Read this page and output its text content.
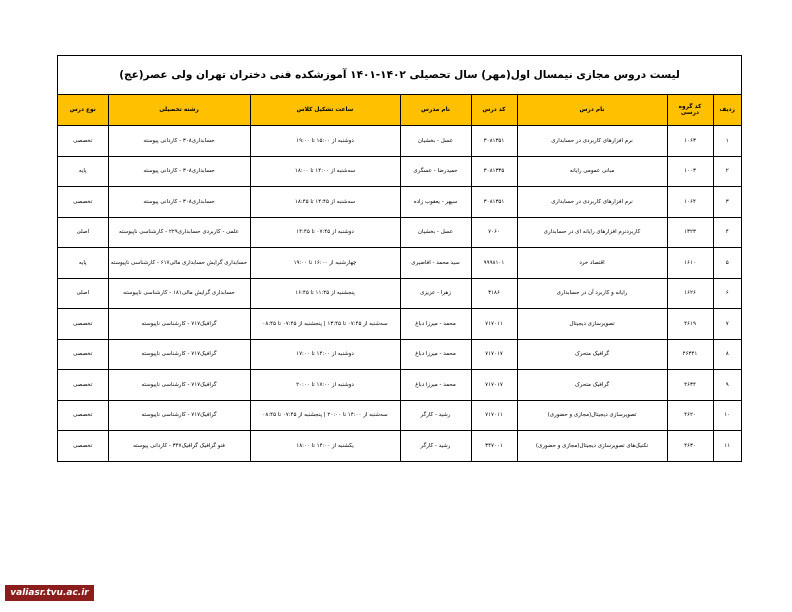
لیست دروس مجازی نیمسال اول(مهر) سال تحصیلی ۱۴۰۲-۱۴۰۱ آموزشکده فنی دختران تهران ولی عصر(عج)
ردیف	کد گروه درسی	نام درس	کد درس	نام مدرس	ساعت تشکیل کلاس	رشته تحصیلی	نوع درس
۱	۱۰۶۳	نرم افزارهای کاربردی در حسابداری	۳۰۸۱۳۵۱	عسل - بخشیان	دوشنبه از ۱۵:۰۰ تا ۱۹:۰۰	حسابداری۳۰۸ - کاردانی پیوسته	تخصصی
۲	۱۰۰۳	مبانی عمومی رایانه	۳۰۸۱۳۳۵	حمیدرضا - عسگری	سه‌شنبه از ۱۴:۰۰ تا ۱۸:۰۰	حسابداری۳۰۸ - کاردانی پیوسته	پایه
۳	۱۰۶۴	نرم افزارهای کاربردی در حسابداری	۳۰۸۱۳۵۱	سپهر - یعقوب زاده	سه‌شنبه از ۱۴:۴۵ تا ۱۸:۴۵	حسابداری۳۰۸ - کاردانی پیوسته	تخصصی
۴	۱۳۲۳	کاربردنرم افزارهای رایانه ای در حسابداری	۷۰۶۰	عسل - بخشیان	دوشنبه از ۰۷:۴۵ تا ۱۴:۴۵	علمی - کاربردی حسابداری۲۲۹ - کارشناسی ناپیوسته	اصلی
۵	۱۶۱۰	اقتصاد خرد	۹۹۹۸۱۰۱	سید محمد - افاضیری	چهارشنبه از ۱۶:۰۰ تا ۱۹:۰۰	حسابداری گرایش حسابداری مالی۶۱۷ - کارشناسی ناپیوسته	پایه
۶	۱۶۲۶	رایانه و کاربرد آن در حسابداری	۳۱۸۶	زهرا - عزیزی	پنجشنبه از ۱۱:۴۵ تا ۱۶:۴۵	حسابداری گرایش مالی۱۸۱ - کارشناسی ناپیوسته	اصلی
۷	۴۶۱۹	تصویرسازی دیجیتال	۷۱۷۰۱۱	محمد - میرزا دباغ	سه‌شنبه از ۰۷:۴۵ تا ۱۳:۴۵ | پنجشنبه از ۰۷:۴۵ تا ۰۸:۴۵	گرافیک۷۱۷ - کارشناسی ناپیوسته	تخصصی
۸	۴۶۳۴۱	گرافیک متحرک	۷۱۷۰۱۷	محمد - میرزا دباغ	دوشنبه از ۱۴:۰۰ تا ۱۷:۰۰	گرافیک۷۱۷ - کارشناسی ناپیوسته	تخصصی
۹	۴۶۳۴	گرافیک متحرک	۷۱۷۰۱۷	محمد - میرزا دباغ	دوشنبه از ۱۷:۰۰ تا ۲۰:۰۰	گرافیک۷۱۷ - کارشناسی ناپیوسته	تخصصی
۱۰	۴۶۲۰	تصویرسازی دیجیتال(مجازی و حضوری)	۷۱۷۰۱۱	رشید - کارگر	سه‌شنبه از ۱۴:۰۰ تا ۲۰:۰۰ | پنجشنبه از ۰۷:۴۵ تا ۰۸:۴۵	گرافیک۷۱۷ - کارشناسی ناپیوسته	تخصصی
۱۱	۴۶۳۰	تکنیک‌های تصویرسازی دیجیتال(مجازی و حضوری)	۳۴۷۰۰۱	رشید - کارگر	یکشنبه از ۱۴:۰۰ تا ۱۸:۰۰	فنو گرافیک گرافیک۳۴۷ - کاردانی پیوسته	تخصصی
valiasr.tvu.ac.ir
